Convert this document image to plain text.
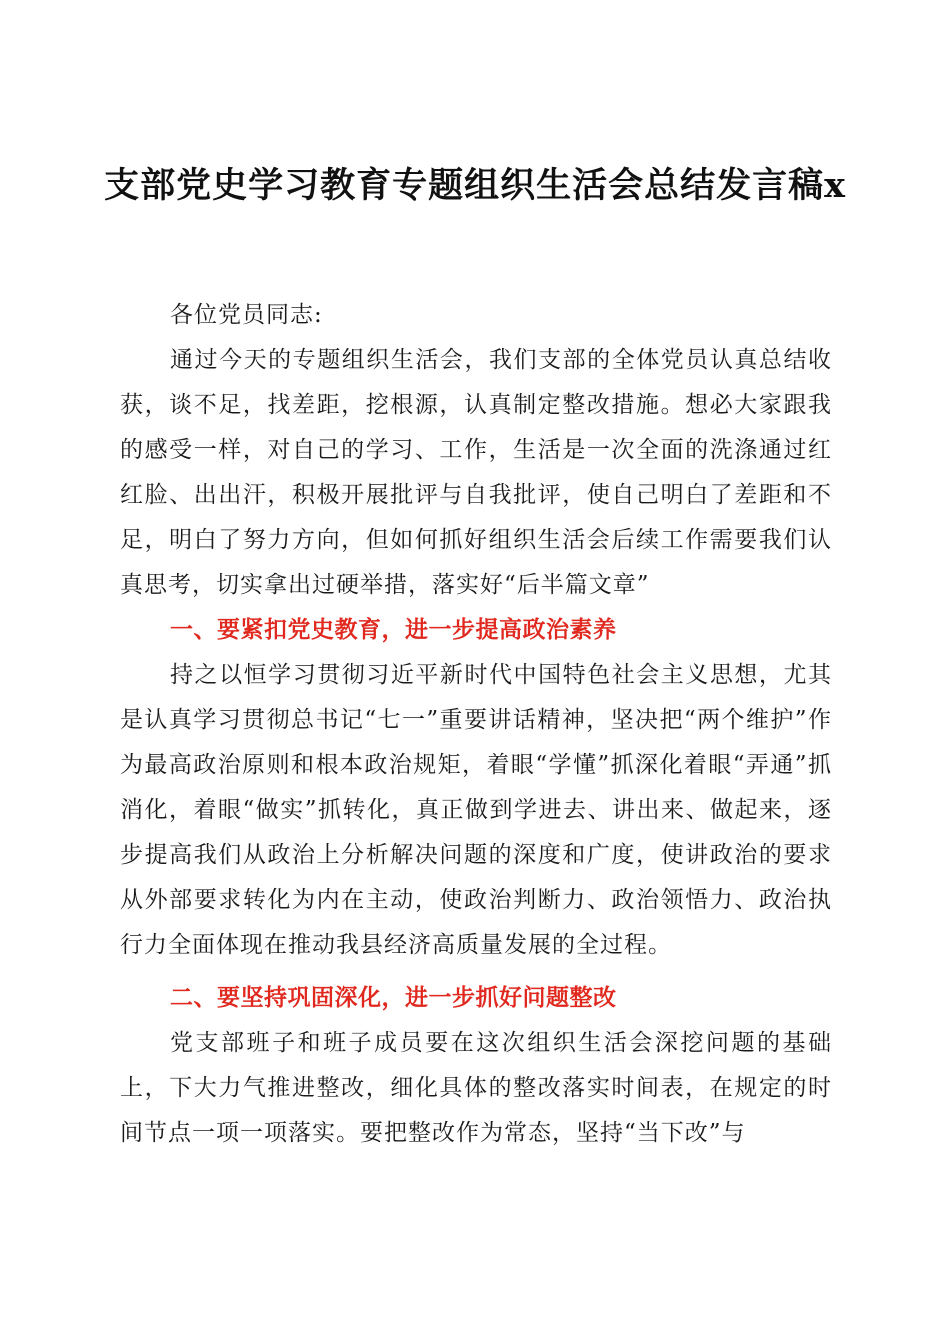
支部党史学习教育专题组织生活会总结发言稿x

各位党员同志:

通过今天的专题组织生活会，我们支部的全体党员认真总结收获，谈不足，找差距，挖根源，认真制定整改措施。想必大家跟我的感受一样，对自己的学习、工作，生活是一次全面的洗涤通过红红脸、出出汗，积极开展批评与自我批评，使自己明白了差距和不足，明白了努力方向，但如何抓好组织生活会后续工作需要我们认真思考，切实拿出过硬举措，落实好“后半篇文章”

一、要紧扣党史教育，进一步提高政治素养

持之以恒学习贯彻习近平新时代中国特色社会主义思想，尤其是认真学习贯彻总书记“七一”重要讲话精神，坚决把“两个维护”作为最高政治原则和根本政治规矩，着眼“学懂”抓深化着眼“弄通”抓消化，着眼“做实”抓转化，真正做到学进去、讲出来、做起来，逐步提高我们从政治上分析解决问题的深度和广度，使讲政治的要求从外部要求转化为内在主动，使政治判断力、政治领悟力、政治执行力全面体现在推动我县经济高质量发展的全过程。

二、要坚持巩固深化，进一步抓好问题整改

党支部班子和班子成员要在这次组织生活会深挖问题的基础上，下大力气推进整改，细化具体的整改落实时间表，在规定的时间节点一项一项落实。要把整改作为常态，坚持“当下改”与
